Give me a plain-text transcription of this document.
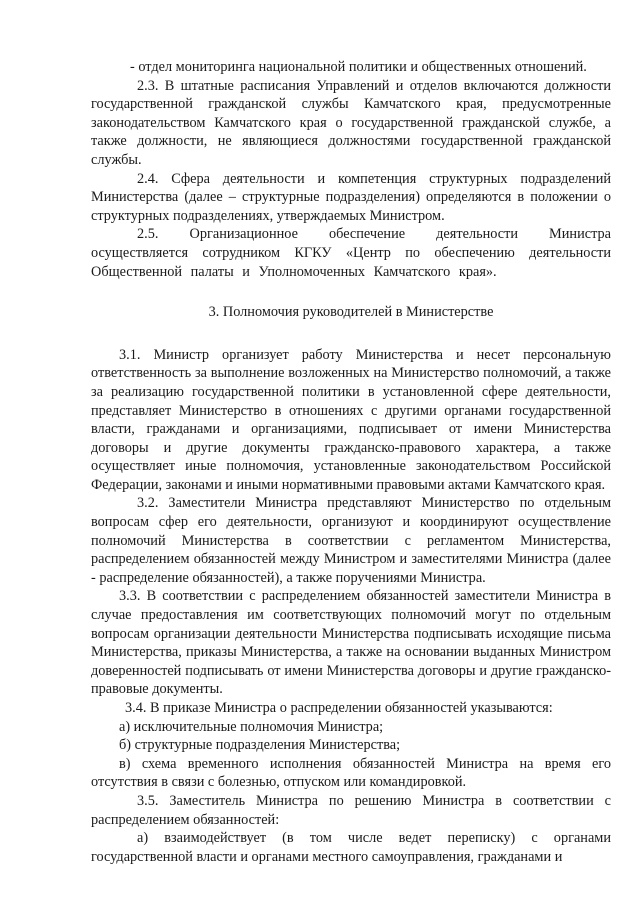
- отдел мониторинга национальной политики и общественных отношений.

2.3. В штатные расписания Управлений и отделов включаются должности государственной гражданской службы Камчатского края, предусмотренные законодательством Камчатского края о государственной гражданской службе, а также должности, не являющиеся должностями государственной гражданской службы.

2.4. Сфера деятельности и компетенция структурных подразделений Министерства (далее – структурные подразделения) определяются в положении о структурных подразделениях, утверждаемых Министром.

2.5. Организационное обеспечение деятельности Министра осуществляется сотрудником КГКУ «Центр по обеспечению деятельности Общественной палаты и Уполномоченных Камчатского края».

3. Полномочия руководителей в Министерстве

3.1. Министр организует работу Министерства и несет персональную ответственность за выполнение возложенных на Министерство полномочий, а также за реализацию государственной политики в установленной сфере деятельности, представляет Министерство в отношениях с другими органами государственной власти, гражданами и организациями, подписывает от имени Министерства договоры и другие документы гражданско-правового характера, а также осуществляет иные полномочия, установленные законодательством Российской Федерации, законами и иными нормативными правовыми актами Камчатского края.

3.2. Заместители Министра представляют Министерство по отдельным вопросам сфер его деятельности, организуют и координируют осуществление полномочий Министерства в соответствии с регламентом Министерства, распределением обязанностей между Министром и заместителями Министра (далее - распределение обязанностей), а также поручениями Министра.

3.3. В соответствии с распределением обязанностей заместители Министра в случае предоставления им соответствующих полномочий могут по отдельным вопросам организации деятельности Министерства подписывать исходящие письма Министерства, приказы Министерства, а также на основании выданных Министром доверенностей подписывать от имени Министерства договоры и другие гражданско-правовые документы.

3.4. В приказе Министра о распределении обязанностей указываются:

а) исключительные полномочия Министра;

б) структурные подразделения Министерства;

в) схема временного исполнения обязанностей Министра на время его отсутствия в связи с болезнью, отпуском или командировкой.

3.5. Заместитель Министра по решению Министра в соответствии с распределением обязанностей:

а) взаимодействует (в том числе ведет переписку) с органами государственной власти и органами местного самоуправления, гражданами и
